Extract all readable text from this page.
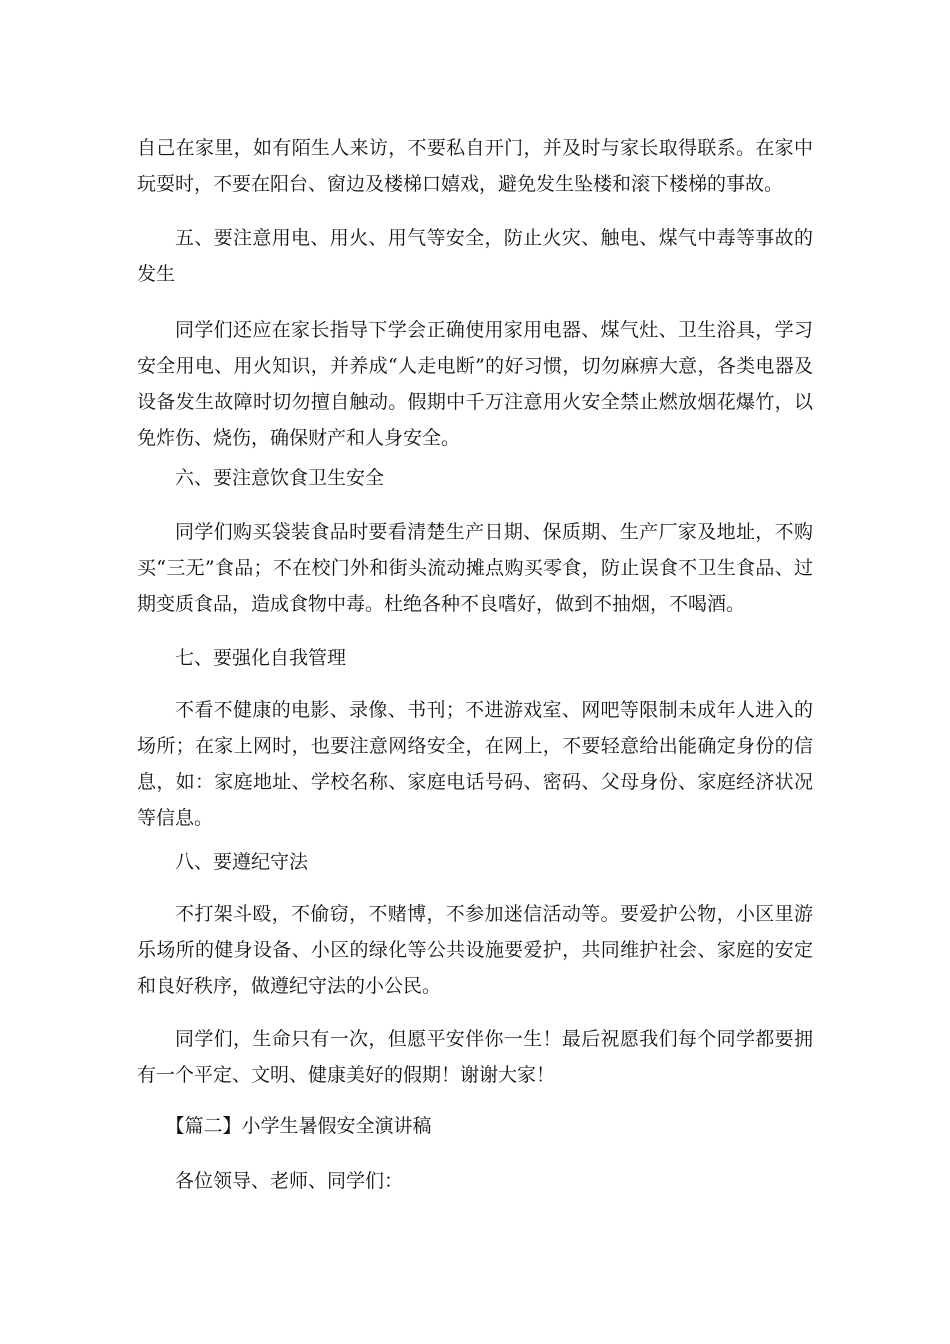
自己在家里，如有陌生人来访，不要私自开门，并及时与家长取得联系。在家中玩耍时，不要在阳台、窗边及楼梯口嬉戏，避免发生坠楼和滚下楼梯的事故。

五、要注意用电、用火、用气等安全，防止火灾、触电、煤气中毒等事故的发生

同学们还应在家长指导下学会正确使用家用电器、煤气灶、卫生浴具，学习安全用电、用火知识，并养成“人走电断”的好习惯，切勿麻痹大意，各类电器及设备发生故障时切勿擅自触动。假期中千万注意用火安全禁止燃放烟花爆竹，以免炸伤、烧伤，确保财产和人身安全。

六、要注意饮食卫生安全

同学们购买袋装食品时要看清楚生产日期、保质期、生产厂家及地址，不购买“三无”食品；不在校门外和街头流动摊点购买零食，防止误食不卫生食品、过期变质食品，造成食物中毒。杜绝各种不良嗜好，做到不抽烟，不喝酒。

七、要强化自我管理

不看不健康的电影、录像、书刊；不进游戏室、网吧等限制未成年人进入的场所；在家上网时，也要注意网络安全，在网上，不要轻意给出能确定身份的信息，如：家庭地址、学校名称、家庭电话号码、密码、父母身份、家庭经济状况等信息。

八、要遵纪守法

不打架斗殴，不偷窃，不赌博，不参加迷信活动等。要爱护公物，小区里游乐场所的健身设备、小区的绿化等公共设施要爱护，共同维护社会、家庭的安定和良好秩序，做遵纪守法的小公民。

同学们，生命只有一次，但愿平安伴你一生！最后祝愿我们每个同学都要拥有一个平定、文明、健康美好的假期！谢谢大家！

【篇二】小学生暑假安全演讲稿

各位领导、老师、同学们：
